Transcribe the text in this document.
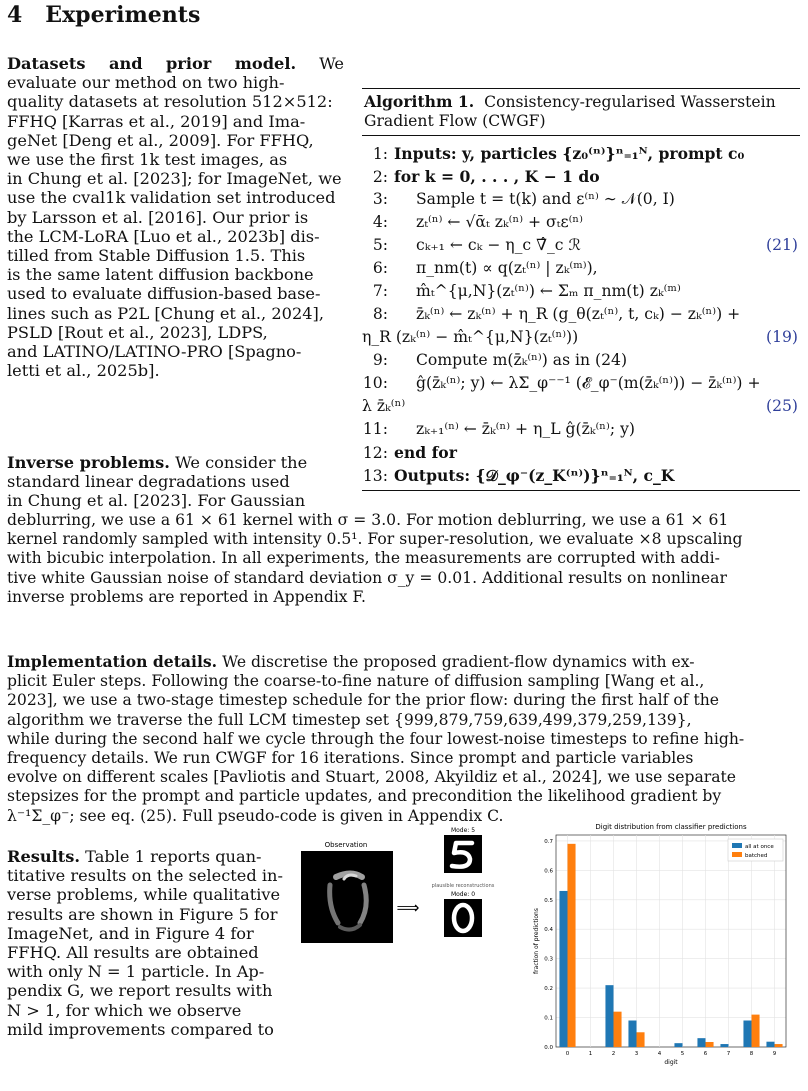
4 Experiments
Datasets and prior model. We evaluate our method on two high-
quality datasets at resolution 512×512:
FFHQ [Karras et al., 2019] and Ima-
geNet [Deng et al., 2009]. For FFHQ,
we use the first 1k test images, as
in Chung et al. [2023]; for ImageNet, we
use the cval1k validation set introduced
by Larsson et al. [2016]. Our prior is
the LCM-LoRA [Luo et al., 2023b] dis-
tilled from Stable Diffusion 1.5. This
is the same latent diffusion backbone
used to evaluate diffusion-based base-
lines such as P2L [Chung et al., 2024],
PSLD [Rout et al., 2023], LDPS,
and LATINO/LATINO-PRO [Spagno-
letti et al., 2025b].
Inverse problems. We consider the
standard linear degradations used
in Chung et al. [2023]. For Gaussian
deblurring, we use a 61 × 61 kernel with σ = 3.0. For motion deblurring, we use a 61 × 61
kernel randomly sampled with intensity 0.5¹. For super-resolution, we evaluate ×8 upscaling
with bicubic interpolation. In all experiments, the measurements are corrupted with addi-
tive white Gaussian noise of standard deviation σ_y = 0.01. Additional results on nonlinear
inverse problems are reported in Appendix F.
Implementation details. We discretise the proposed gradient-flow dynamics with ex-
plicit Euler steps. Following the coarse-to-fine nature of diffusion sampling [Wang et al.,
2023], we use a two-stage timestep schedule for the prior flow: during the first half of the
algorithm we traverse the full LCM timestep set {999,879,759,639,499,379,259,139},
while during the second half we cycle through the four lowest-noise timesteps to refine high-
frequency details. We run CWGF for 16 iterations. Since prompt and particle variables
evolve on different scales [Pavliotis and Stuart, 2008, Akyildiz et al., 2024], we use separate
stepsizes for the prompt and particle updates, and precondition the likelihood gradient by
λ⁻¹Σ_φ⁻; see eq. (25). Full pseudo-code is given in Appendix C.
Results. Table 1 reports quan-
titative results on the selected in-
verse problems, while qualitative
results are shown in Figure 5 for
ImageNet, and in Figure 4 for
FFHQ. All results are obtained
with only N = 1 particle. In Ap-
pendix G, we report results with
N > 1, for which we observe
mild improvements compared to
Algorithm 1. Consistency-regularised Wasserstein Gradient Flow (CWGF)
1: Inputs: y, particles {z₀⁽ⁿ⁾}ⁿ₌₁ᴺ, prompt c₀
2: for k = 0, . . . , K − 1 do
3: Sample t = t(k) and ε⁽ⁿ⁾ ∼ 𝒩(0, I)
4: zₜ⁽ⁿ⁾ ← √ᾱₜ zₖ⁽ⁿ⁾ + σₜε⁽ⁿ⁾
5: cₖ₊₁ ← cₖ − η_c ∇̂_c ℛ	(21)
6: π_nm(t) ∝ q(zₜ⁽ⁿ⁾ | zₖ⁽ᵐ⁾),
7: m̂ₜ^{μ,N}(zₜ⁽ⁿ⁾) ← Σₘ π_nm(t) zₖ⁽ᵐ⁾
8: z̄ₖ⁽ⁿ⁾ ← zₖ⁽ⁿ⁾ + η_R (g_θ(zₜ⁽ⁿ⁾, t, cₖ) − zₖ⁽ⁿ⁾) +
η_R (zₖ⁽ⁿ⁾ − m̂ₜ^{μ,N}(zₜ⁽ⁿ⁾))	(19)
9: Compute m(z̄ₖ⁽ⁿ⁾) as in (24)
10: ĝ(z̄ₖ⁽ⁿ⁾; y) ← λΣ_φ⁻⁻¹ (𝓔_φ⁻(m(z̄ₖ⁽ⁿ⁾)) − z̄ₖ⁽ⁿ⁾) +
λ z̄ₖ⁽ⁿ⁾	(25)
11: zₖ₊₁⁽ⁿ⁾ ← z̄ₖ⁽ⁿ⁾ + η_L ĝ(z̄ₖ⁽ⁿ⁾; y)
12: end for
13: Outputs: {𝒟_φ⁻(z_K⁽ⁿ⁾)}ⁿ₌₁ᴺ, c_K
Observation
⟹
Mode: 5
plausible reconstructions
Mode: 0
Digit distribution from classifier predictions
0.0
0.1
0.2
0.3
0.4
0.5
0.6
0.7
0	1	2	3	4	5	6	7	8	9
digit
fraction of predictions
all at once
batched
